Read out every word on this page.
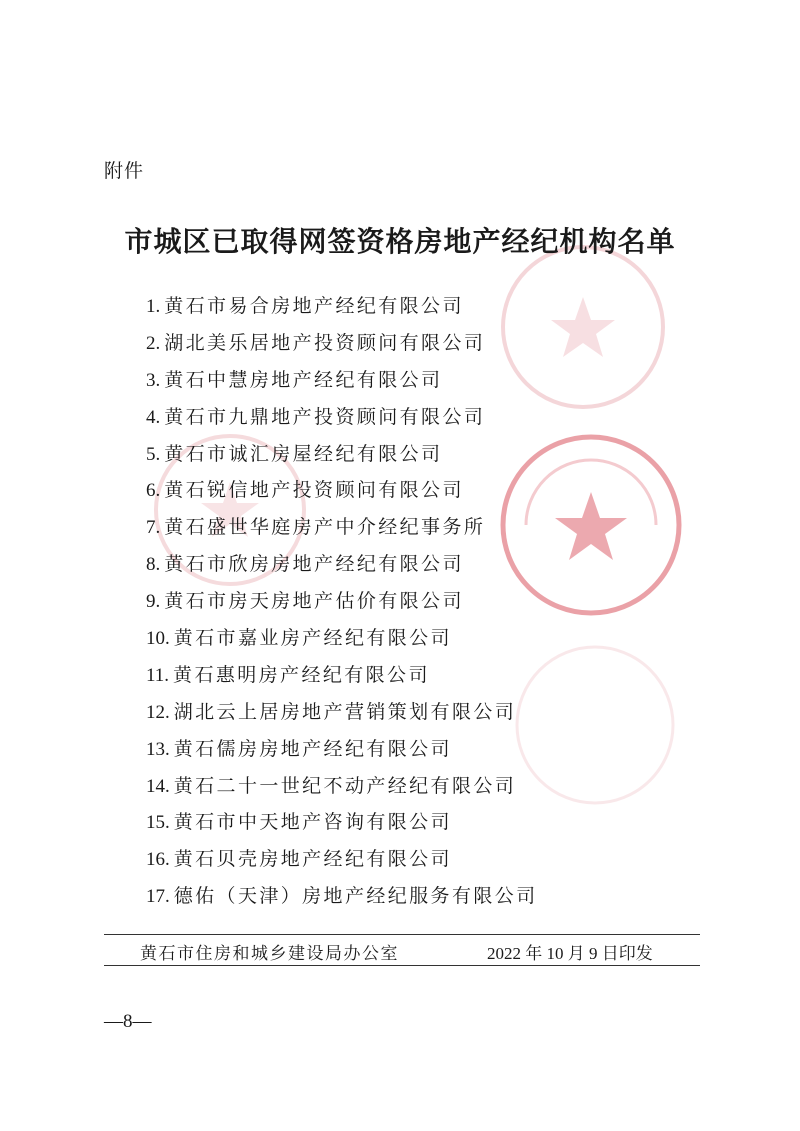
附件
市城区已取得网签资格房地产经纪机构名单
1. 黄石市易合房地产经纪有限公司
2. 湖北美乐居地产投资顾问有限公司
3. 黄石中慧房地产经纪有限公司
4. 黄石市九鼎地产投资顾问有限公司
5. 黄石市诚汇房屋经纪有限公司
6. 黄石锐信地产投资顾问有限公司
7. 黄石盛世华庭房产中介经纪事务所
8. 黄石市欣房房地产经纪有限公司
9. 黄石市房天房地产估价有限公司
10. 黄石市嘉业房产经纪有限公司
11. 黄石惠明房产经纪有限公司
12. 湖北云上居房地产营销策划有限公司
13. 黄石儒房房地产经纪有限公司
14. 黄石二十一世纪不动产经纪有限公司
15. 黄石市中天地产咨询有限公司
16. 黄石贝壳房地产经纪有限公司
17. 德佑（天津）房地产经纪服务有限公司
黄石市住房和城乡建设局办公室	2022 年 10 月 9 日印发
—8—
